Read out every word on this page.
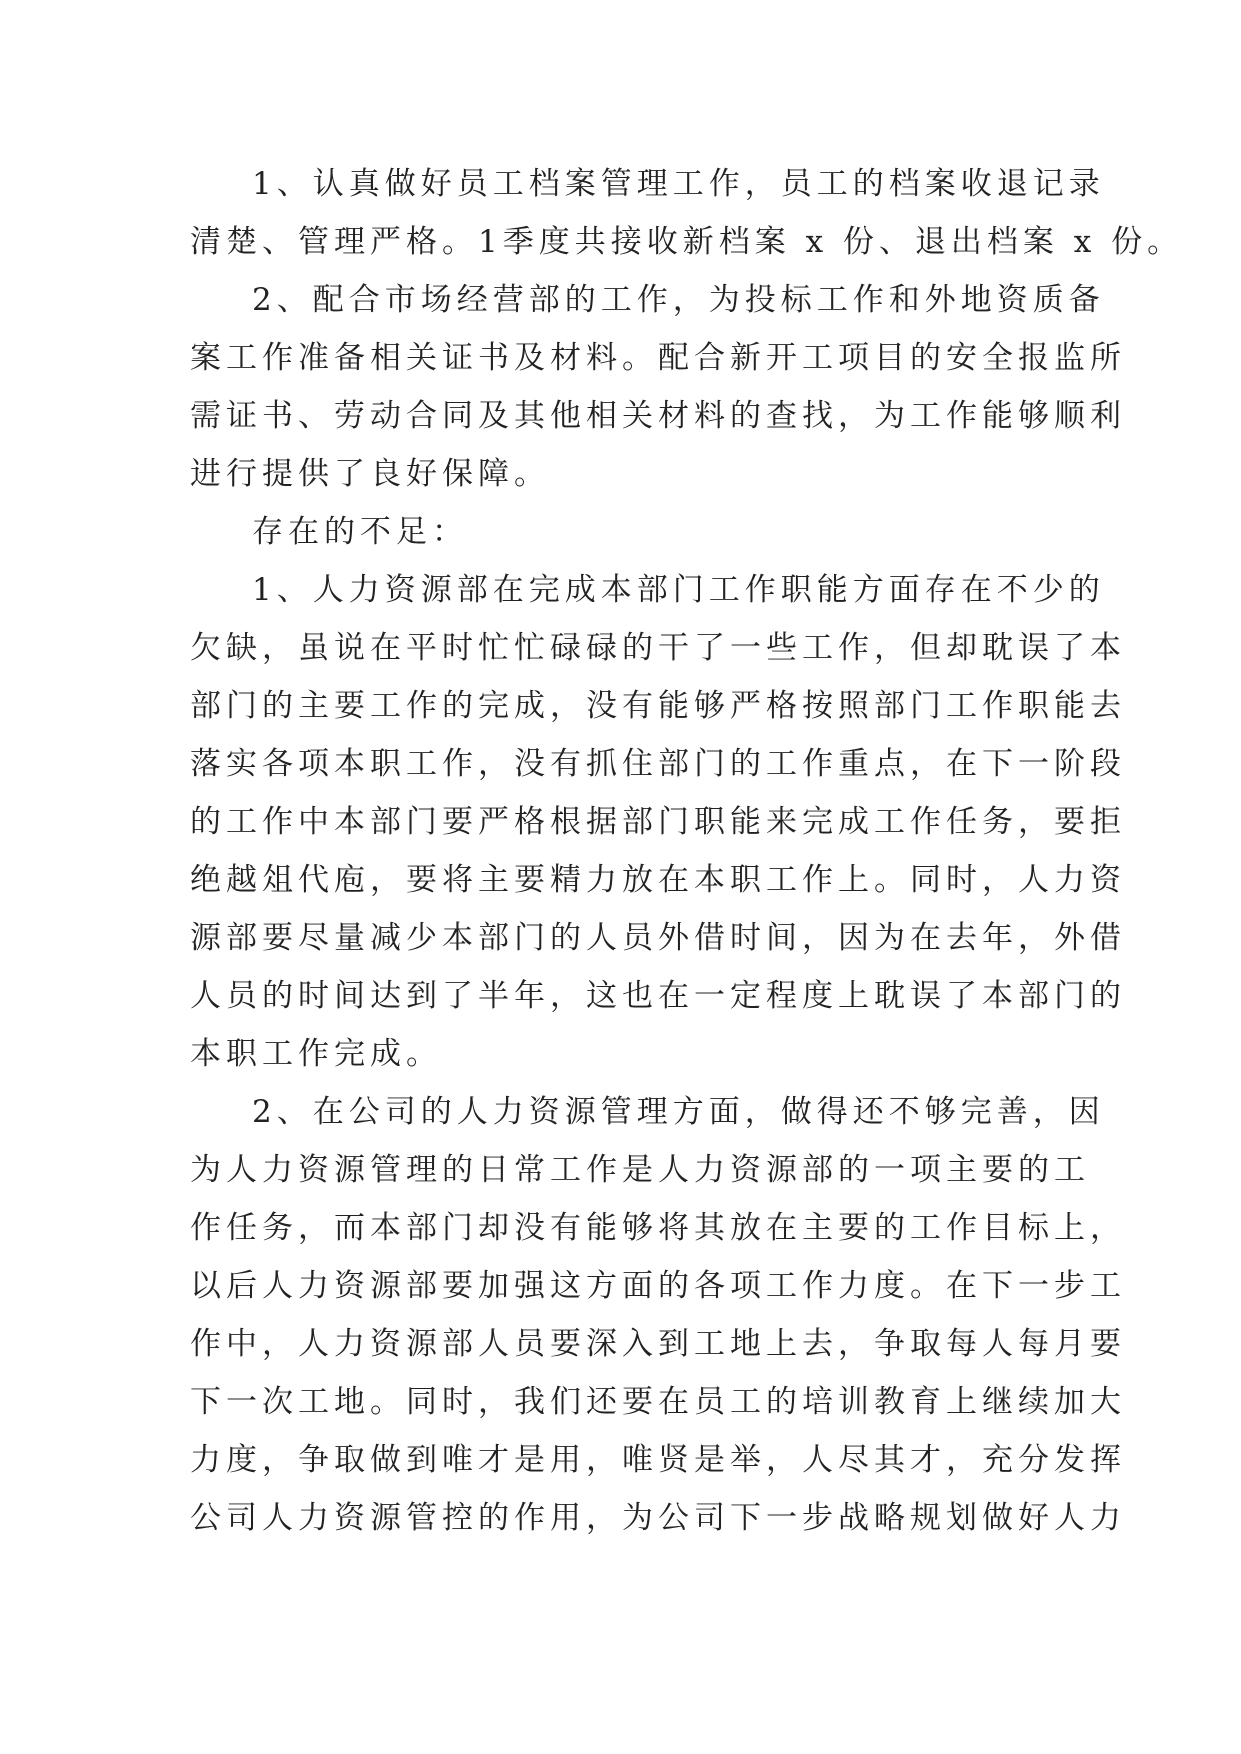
1、认真做好员工档案管理工作，员工的档案收退记录
清楚、管理严格。1季度共接收新档案 x 份、退出档案 x 份。
2、配合市场经营部的工作，为投标工作和外地资质备
案工作准备相关证书及材料。配合新开工项目的安全报监所
需证书、劳动合同及其他相关材料的查找，为工作能够顺利
进行提供了良好保障。
存在的不足：
1、人力资源部在完成本部门工作职能方面存在不少的
欠缺，虽说在平时忙忙碌碌的干了一些工作，但却耽误了本
部门的主要工作的完成，没有能够严格按照部门工作职能去
落实各项本职工作，没有抓住部门的工作重点，在下一阶段
的工作中本部门要严格根据部门职能来完成工作任务，要拒
绝越俎代庖，要将主要精力放在本职工作上。同时，人力资
源部要尽量减少本部门的人员外借时间，因为在去年，外借
人员的时间达到了半年，这也在一定程度上耽误了本部门的
本职工作完成。
2、在公司的人力资源管理方面，做得还不够完善，因
为人力资源管理的日常工作是人力资源部的一项主要的工
作任务，而本部门却没有能够将其放在主要的工作目标上，
以后人力资源部要加强这方面的各项工作力度。在下一步工
作中，人力资源部人员要深入到工地上去，争取每人每月要
下一次工地。同时，我们还要在员工的培训教育上继续加大
力度，争取做到唯才是用，唯贤是举，人尽其才，充分发挥
公司人力资源管控的作用，为公司下一步战略规划做好人力
